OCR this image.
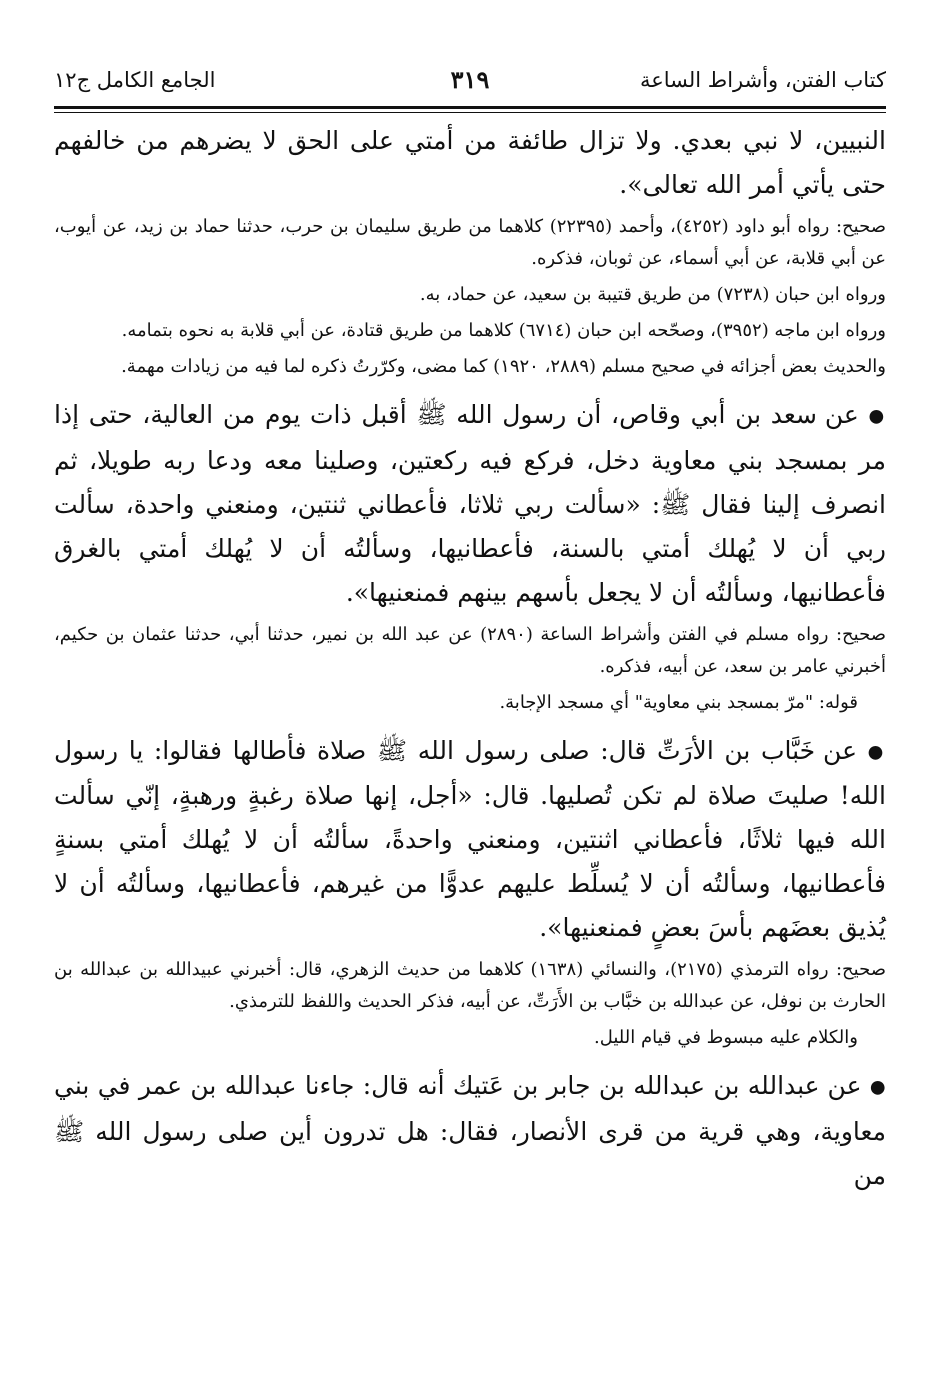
كتاب الفتن، وأشراط الساعة
٣١٩
الجامع الكامل ج١٢

النبيين، لا نبي بعدي. ولا تزال طائفة من أمتي على الحق لا يضرهم من خالفهم حتى يأتي أمر الله تعالى».

صحيح: رواه أبو داود (٤٢٥٢)، وأحمد (٢٢٣٩٥) كلاهما من طريق سليمان بن حرب، حدثنا حماد بن زيد، عن أيوب، عن أبي قلابة، عن أبي أسماء، عن ثوبان، فذكره.

ورواه ابن حبان (٧٢٣٨) من طريق قتيبة بن سعيد، عن حماد، به.

ورواه ابن ماجه (٣٩٥٢)، وصحّحه ابن حبان (٦٧١٤) كلاهما من طريق قتادة، عن أبي قلابة به نحوه بتمامه.

والحديث بعض أجزائه في صحيح مسلم (٢٨٨٩، ١٩٢٠) كما مضى، وكرّرتُ ذكره لما فيه من زيادات مهمة.

● عن سعد بن أبي وقاص، أن رسول الله ﷺ أقبل ذات يوم من العالية، حتى إذا مر بمسجد بني معاوية دخل، فركع فيه ركعتين، وصلينا معه ودعا ربه طويلا، ثم انصرف إلينا فقال ﷺ: «سألت ربي ثلاثا، فأعطاني ثنتين، ومنعني واحدة، سألت ربي أن لا يُهلك أمتي بالسنة، فأعطانيها، وسألتُه أن لا يُهلك أمتي بالغرق فأعطانيها، وسألتُه أن لا يجعل بأسهم بينهم فمنعنيها».

صحيح: رواه مسلم في الفتن وأشراط الساعة (٢٨٩٠) عن عبد الله بن نمير، حدثنا أبي، حدثنا عثمان بن حكيم، أخبرني عامر بن سعد، عن أبيه، فذكره.

قوله: "مرّ بمسجد بني معاوية" أي مسجد الإجابة.

● عن خَبَّاب بن الأرَتِّ قال: صلى رسول الله ﷺ صلاة فأطالها فقالوا: يا رسول الله! صليتَ صلاة لم تكن تُصليها. قال: «أجل، إنها صلاة رغبةٍ ورهبةٍ، إنّي سألت الله فيها ثلاثًا، فأعطاني اثنتين، ومنعني واحدةً، سألتُه أن لا يُهلك أمتي بسنةٍ فأعطانيها، وسألتُه أن لا يُسلِّط عليهم عدوًّا من غيرهم، فأعطانيها، وسألتُه أن لا يُذيق بعضَهم بأسَ بعضٍ فمنعنيها».

صحيح: رواه الترمذي (٢١٧٥)، والنسائي (١٦٣٨) كلاهما من حديث الزهري، قال: أخبرني عبيدالله بن عبدالله بن الحارث بن نوفل، عن عبدالله بن خبَّاب بن الأَرَتِّ، عن أبيه، فذكر الحديث واللفظ للترمذي.

والكلام عليه مبسوط في قيام الليل.

● عن عبدالله بن عبدالله بن جابر بن عَتيك أنه قال: جاءنا عبدالله بن عمر في بني معاوية، وهي قرية من قرى الأنصار، فقال: هل تدرون أين صلى رسول الله ﷺ من
